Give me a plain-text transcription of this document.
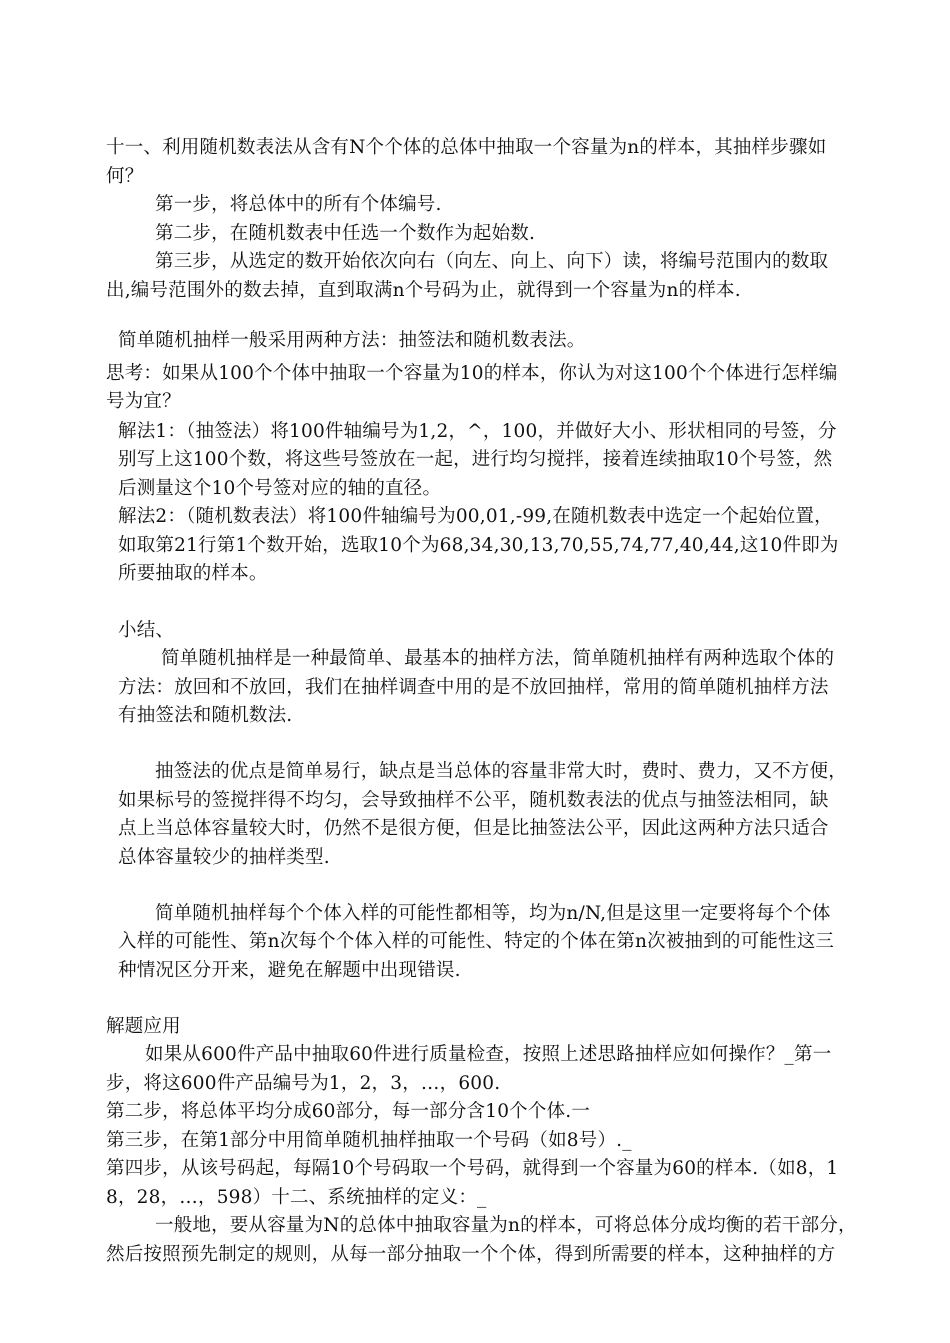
十一、利用随机数表法从含有N个个体的总体中抽取一个容量为n的样本，其抽样步骤如
何？
第一步，将总体中的所有个体编号.
第二步，在随机数表中任选一个数作为起始数.
第三步，从选定的数开始依次向右（向左、向上、向下）读，将编号范围内的数取
出,编号范围外的数去掉，直到取满n个号码为止，就得到一个容量为n的样本.
简单随机抽样一般采用两种方法：抽签法和随机数表法。
思考：如果从100个个体中抽取一个容量为10的样本，你认为对这100个个体进行怎样编
号为宜？
解法1：（抽签法）将100件轴编号为1,2，^，100，并做好大小、形状相同的号签，分
别写上这100个数，将这些号签放在一起，进行均匀搅拌，接着连续抽取10个号签，然
后测量这个10个号签对应的轴的直径。
解法2：（随机数表法）将100件轴编号为00,01,-99,在随机数表中选定一个起始位置，
如取第21行第1个数开始，选取10个为68,34,30,13,70,55,74,77,40,44,这10件即为
所要抽取的样本。
小结、
简单随机抽样是一种最简单、最基本的抽样方法，简单随机抽样有两种选取个体的
方法：放回和不放回，我们在抽样调查中用的是不放回抽样，常用的简单随机抽样方法
有抽签法和随机数法.
抽签法的优点是简单易行，缺点是当总体的容量非常大时，费时、费力，又不方便，
如果标号的签搅拌得不均匀，会导致抽样不公平，随机数表法的优点与抽签法相同，缺
点上当总体容量较大时，仍然不是很方便，但是比抽签法公平，因此这两种方法只适合
总体容量较少的抽样类型.
简单随机抽样每个个体入样的可能性都相等，均为n/N,但是这里一定要将每个个体
入样的可能性、第n次每个个体入样的可能性、特定的个体在第n次被抽到的可能性这三
种情况区分开来，避免在解题中出现错误.
解题应用
如果从600件产品中抽取60件进行质量检查，按照上述思路抽样应如何操作？_第一
步，将这600件产品编号为1，2，3，…，600.
第二步，将总体平均分成60部分，每一部分含10个个体.一
第三步，在第1部分中用简单随机抽样抽取一个号码（如8号）._
第四步，从该号码起，每隔10个号码取一个号码，就得到一个容量为60的样本.（如8，1
8，28，…，598）十二、系统抽样的定义：_
一般地，要从容量为N的总体中抽取容量为n的样本，可将总体分成均衡的若干部分，
然后按照预先制定的规则，从每一部分抽取一个个体，得到所需要的样本，这种抽样的方
